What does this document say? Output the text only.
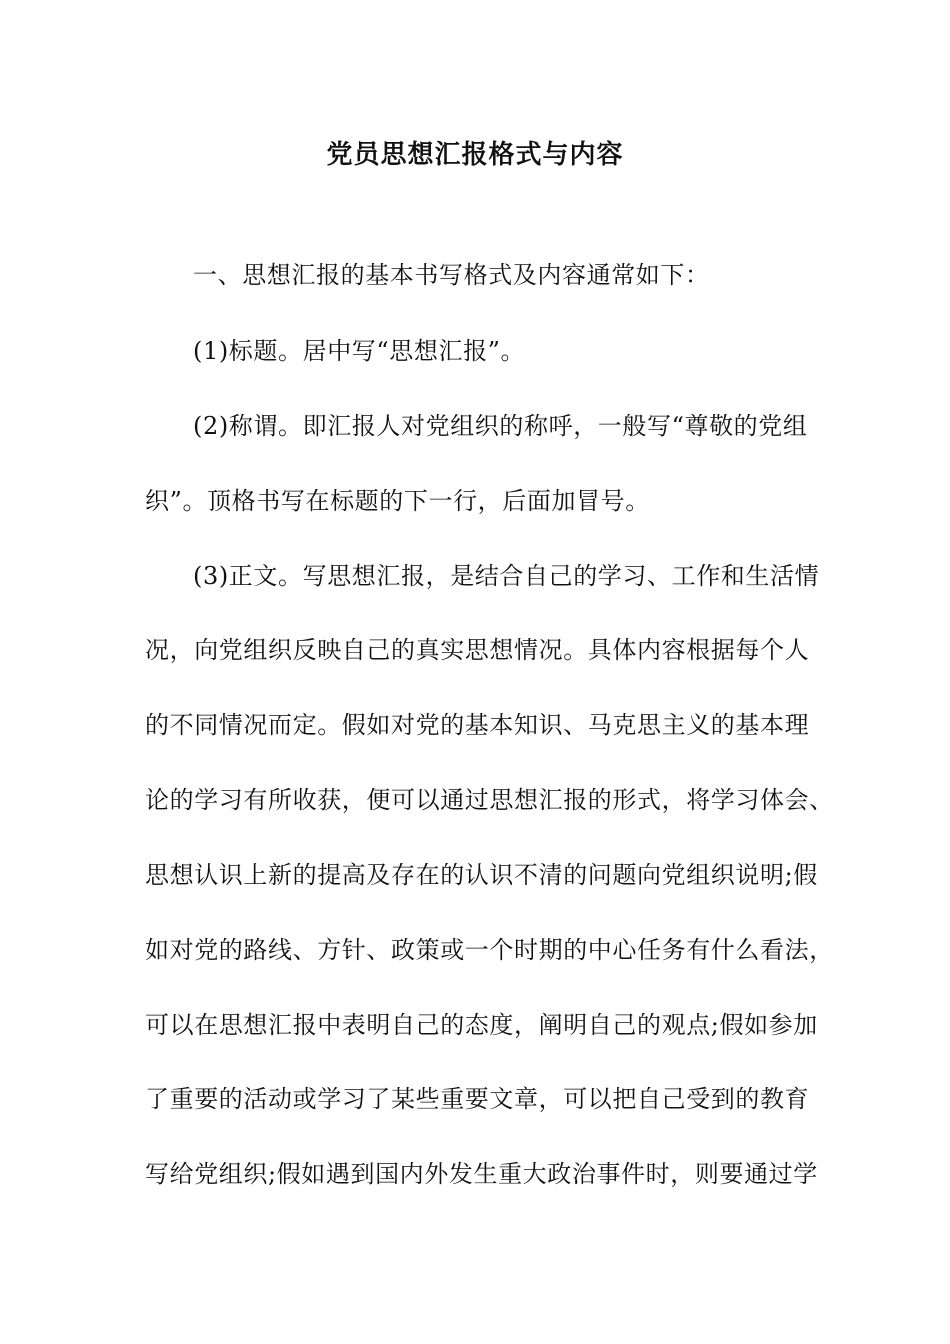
党员思想汇报格式与内容
一、思想汇报的基本书写格式及内容通常如下：
(1)标题。居中写“思想汇报”。
(2)称谓。即汇报人对党组织的称呼，一般写“尊敬的党组
织”。顶格书写在标题的下一行，后面加冒号。
(3)正文。写思想汇报，是结合自己的学习、工作和生活情
况，向党组织反映自己的真实思想情况。具体内容根据每个人
的不同情况而定。假如对党的基本知识、马克思主义的基本理
论的学习有所收获，便可以通过思想汇报的形式，将学习体会、
思想认识上新的提高及存在的认识不清的问题向党组织说明;假
如对党的路线、方针、政策或一个时期的中心任务有什么看法，
可以在思想汇报中表明自己的态度，阐明自己的观点;假如参加
了重要的活动或学习了某些重要文章，可以把自己受到的教育
写给党组织;假如遇到国内外发生重大政治事件时，则要通过学
